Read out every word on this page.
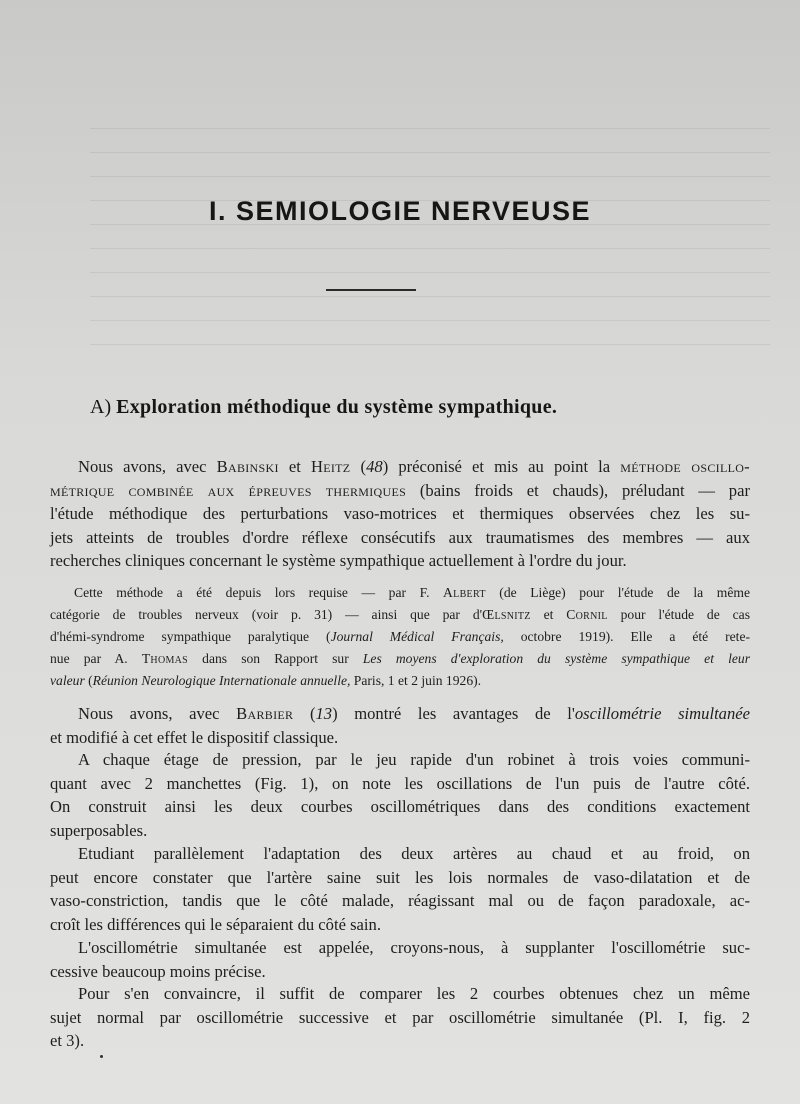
I. SEMIOLOGIE NERVEUSE
A) Exploration méthodique du système sympathique.
Nous avons, avec Babinski et Heitz (48) préconisé et mis au point la méthode oscillo-
métrique combinée aux épreuves thermiques (bains froids et chauds), préludant — par
l'étude méthodique des perturbations vaso-motrices et thermiques observées chez les su-
jets atteints de troubles d'ordre réflexe consécutifs aux traumatismes des membres — aux
recherches cliniques concernant le système sympathique actuellement à l'ordre du jour.
Cette méthode a été depuis lors requise — par F. Albert (de Liège) pour l'étude de la même
catégorie de troubles nerveux (voir p. 31) — ainsi que par d'Œlsnitz et Cornil pour l'étude de cas
d'hémi-syndrome sympathique paralytique (Journal Médical Français, octobre 1919). Elle a été rete-
nue par A. Thomas dans son Rapport sur Les moyens d'exploration du système sympathique et leur
valeur (Réunion Neurologique Internationale annuelle, Paris, 1 et 2 juin 1926).
Nous avons, avec Barbier (13) montré les avantages de l'oscillométrie simultanée
et modifié à cet effet le dispositif classique.
A chaque étage de pression, par le jeu rapide d'un robinet à trois voies communi-
quant avec 2 manchettes (Fig. 1), on note les oscillations de l'un puis de l'autre côté.
On construit ainsi les deux courbes oscillométriques dans des conditions exactement
superposables.
Etudiant parallèlement l'adaptation des deux artères au chaud et au froid, on
peut encore constater que l'artère saine suit les lois normales de vaso-dilatation et de
vaso-constriction, tandis que le côté malade, réagissant mal ou de façon paradoxale, ac-
croît les différences qui le séparaient du côté sain.
L'oscillométrie simultanée est appelée, croyons-nous, à supplanter l'oscillométrie suc-
cessive beaucoup moins précise.
Pour s'en convaincre, il suffit de comparer les 2 courbes obtenues chez un même
sujet normal par oscillométrie successive et par oscillométrie simultanée (Pl. I, fig. 2
et 3).
